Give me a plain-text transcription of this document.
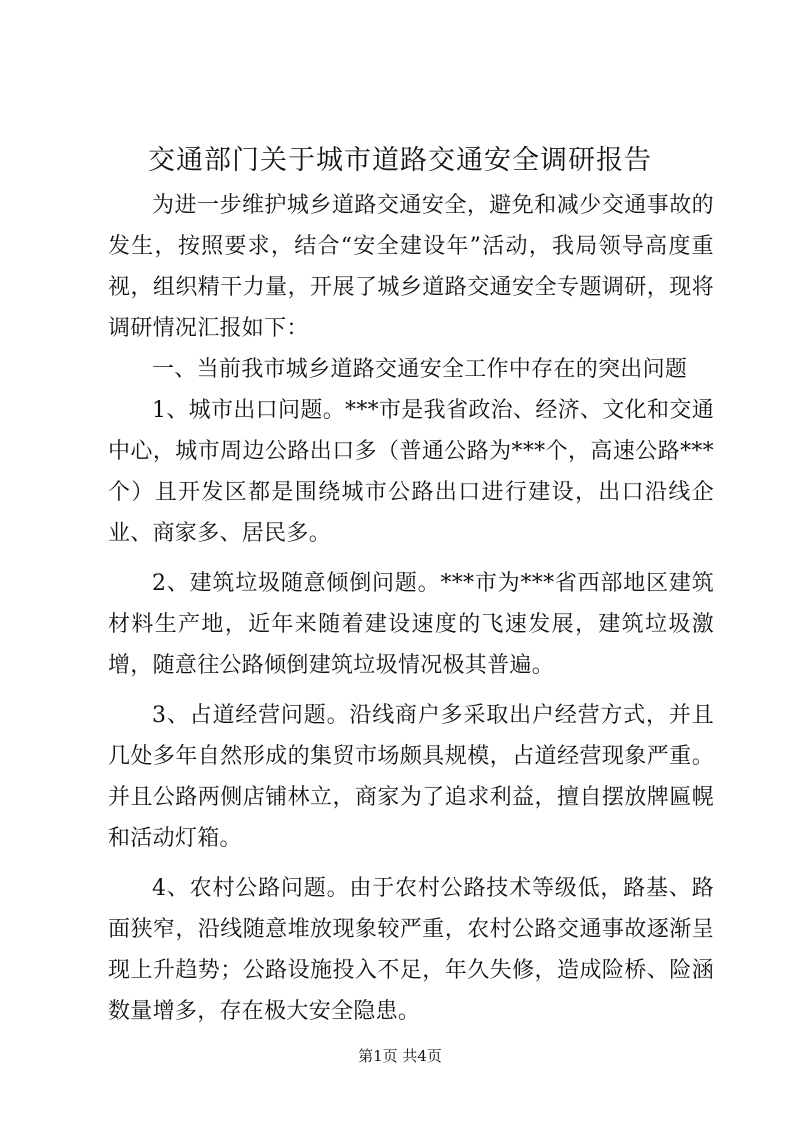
交通部门关于城市道路交通安全调研报告

为进一步维护城乡道路交通安全，避免和减少交通事故的发生，按照要求，结合“安全建设年”活动，我局领导高度重视，组织精干力量，开展了城乡道路交通安全专题调研，现将调研情况汇报如下：

一、当前我市城乡道路交通安全工作中存在的突出问题

1、城市出口问题。***市是我省政治、经济、文化和交通中心，城市周边公路出口多（普通公路为***个，高速公路***个）且开发区都是围绕城市公路出口进行建设，出口沿线企业、商家多、居民多。

2、建筑垃圾随意倾倒问题。***市为***省西部地区建筑材料生产地，近年来随着建设速度的飞速发展，建筑垃圾激增，随意往公路倾倒建筑垃圾情况极其普遍。

3、占道经营问题。沿线商户多采取出户经营方式，并且几处多年自然形成的集贸市场颇具规模，占道经营现象严重。并且公路两侧店铺林立，商家为了追求利益，擅自摆放牌匾幌和活动灯箱。

4、农村公路问题。由于农村公路技术等级低，路基、路面狭窄，沿线随意堆放现象较严重，农村公路交通事故逐渐呈现上升趋势；公路设施投入不足，年久失修，造成险桥、险涵数量增多，存在极大安全隐患。

第1页 共4页
